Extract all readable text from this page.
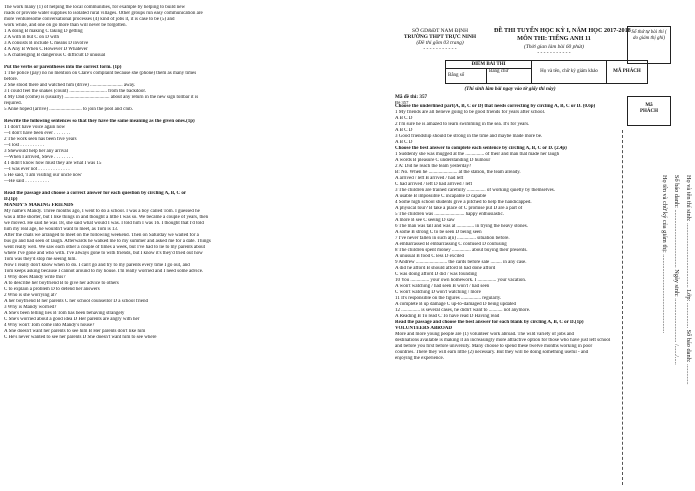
The work many (1) of helping the local communities, for example by helping to build new
roads or provide water supplies to isolated rural villages. Other groups run easy communication are
more venturesome conversational processes (4) kind of jobs it, it is case to be (5) and
work while, and one on go more than will never be forgotten.
1 A doing B making C taking D getting
2 A with B but C on D with
3 A consists B include C means D involve
4 A Any B When C However D Whatever
5 A challenging B dangerous C difficult D unusual
Put the verbs or parentheses into the correct form. (1p)
1 The police (pay) no no mention on Clare's complaint because she (phone) them as many times
before.
2 She stood there and watched him (drive) .......................... away.
3 I could feel the snakes (count) .............................. from the backdoor.
4 My Dad (come) is (usually) .................................... about any return in the new sign tollbar it is
required.
5 Anne hoped (arrive) .......................... to join the pool and club.
Rewrite the following sentences so that they have the same meaning as the given ones.(1p)
1 I don't have voice again now
—I don't have been ever . . . . . . .
2 The work seen has been five years
—I lost . . . . . . . . . .
3 Shewould help her any arrival
—When I arrived, Steve . . . . . . . .
4 I didn't know how must they are what I was 15
—I was ever not . . . . . . . . . . . . .
5 He said, 'I am visiting our uncle now'
—He said . . . . . . . . . .
Read the passage and choose a correct answer for each question by circling A, B, C or
D.(1p)
MANDY'S MAKING FRIENDS
My name's Mandy. Three months ago, I went to do a school. I was a boy called Tom. I guessed he
was a little shorter, but I like things in and thought a little I was so. We became a couple of years, then
we moved. He said he was 18, she said what would I was. I told him I was 16. I thought that I'd told
him my real age, he wouldn't want to meet, as Tom is 13.
After the chats we arranged to meet on the following weekend. Then on Saturday we waited for a
bus go and had seen of laugh. Afterwards he walked me to my summer and asked me for a date. Things
went really well. We saw each other a couple of times a week, but I've had to lie to my parents about
where I've gone and who with. I've always gone to with friends, but I know it's they'd tried out how
Tom was they'd stop me seeing him.
Now I really don't know when to do. I can't go and try to my parents every time I go out, and
Tom keeps asking because I cannot around to my house. I'm really worried and I need some advice.
1 Why does Mandy write this?
A to describe her boyfriend B to give her advice to others
C to explain a problem D to defend her answers
2 Who is she worrying at?
A her boyfriend B her parents C her school counsellor D a school friend
3 Why is Mandy worried?
A She's been telling lies B Tom has been behaving strangely
C She's worried about a good idea D Her parents are angry with her
4 Why won't Tom come into Mandy's house?
A She doesn't want her parents to see him B Her parents don't like him
C He's never wanted to see her parents D She doesn't want him to see where
SỞ GD&ĐT NAM ĐỊNH
TRƯỜNG THPT TRỰC NINH
(Đề thi gồm 03 trang)
- - - - - - - - - - -
ĐỀ THI TUYỂN HỌC KỲ I, NĂM HỌC 2017-2018
MÔN THI: TIẾNG ANH 11
(Thời gian làm bài 60 phút)
- - - - - - - - - - -
ĐIỂM BÀI THI		Họ và tên, chữ ký giám khảo	MÃ PHÁCH
Bằng số	Bằng chữ		
(Thí sinh làm bài ngay vào tờ giấy thi này)
Mã đề thi: 357
Đề 357
Choose the underlined part(A, B, C or D) that needs correcting by circling A, B, C or D. (0.6p)
1 My friends are all believe going to be good friends for years after school.
A B C D
2 I'm sure he is amazed to learn swimming in the sea. It's for years.
A B C D
3 Good friendship should be strong in the time and maybe made more be.
A B C D
Choose the best answer to complete each sentence by circling A, B, C or D. (2.4p)
1 Suddenly she was mugged at the ............... of their and man that made her laugh
A words B pleasure C understanding D humour
2 A: Did he reach the team yesterday?
B: No. When he ....................... at the station, the team already.
A arrived / left B arrived / had left
C had arrived / left D had arrived / left
3 The children are trained carefully ............... of working quietly by themselves.
A usable B impossible C incapable D capable
4 Some high school students give a pitched to help the handicapped.
A physical tour? B take a place of C promise put D are a part of
5 The children was ........................ happy enthusiastic.
A more B see C seeing D saw
6 The man was tall and was at .............. in trying the heavy stones.
A some B strong C to be seen D being seen
7 I've never fallen in such a(n) ............... situation before.
A embarrassed B embarrassing C confused D confusing
8 The children spent money ............... about buying their presents.
A unusual B food C less D excited
9 Andrew ......................... the cards before sale ......... in any case.
A did he afford B should afford B had done afford
C was doing afford D did / was founding
10 You ............... your own homework. I ............... your vacation.
A won't watching / had seen B won't / had seen
C won't watching D won't watching / more
11 It's responsible on the figures ................ regularly.
A complete B up damage C up-to-damaged D being updated
12 ............... is several cases, he didn't want to ........... not anymore.
A Reading B To read C To have read D Having read
Read the passage and choose the best answer for each blank by circling A, B, C or D.(1p)
VOLUNTEERS ABROAD
More and more young people are (1) volunteer work abroad. The wild variety of jobs and
destinations available is making it an increasingly more attractive option for those who have just left school
and before you first before university. Many choose to spend these twelve months working in poor
countries. There they will earn little (2) necessary. But they will be doing something useful - and
enjoying the experience.
Số thứ tự bài thi ( do giám thị ghi)
Mã
PHÁCH
Họ và tên thí sinh: ......................................... Lớp: ................ Số báo danh: .............
Số báo danh: ..................................... Ngày sinh: ............................ /....../.....
Họ tên và chữ ký của giám thị: ..................................................
